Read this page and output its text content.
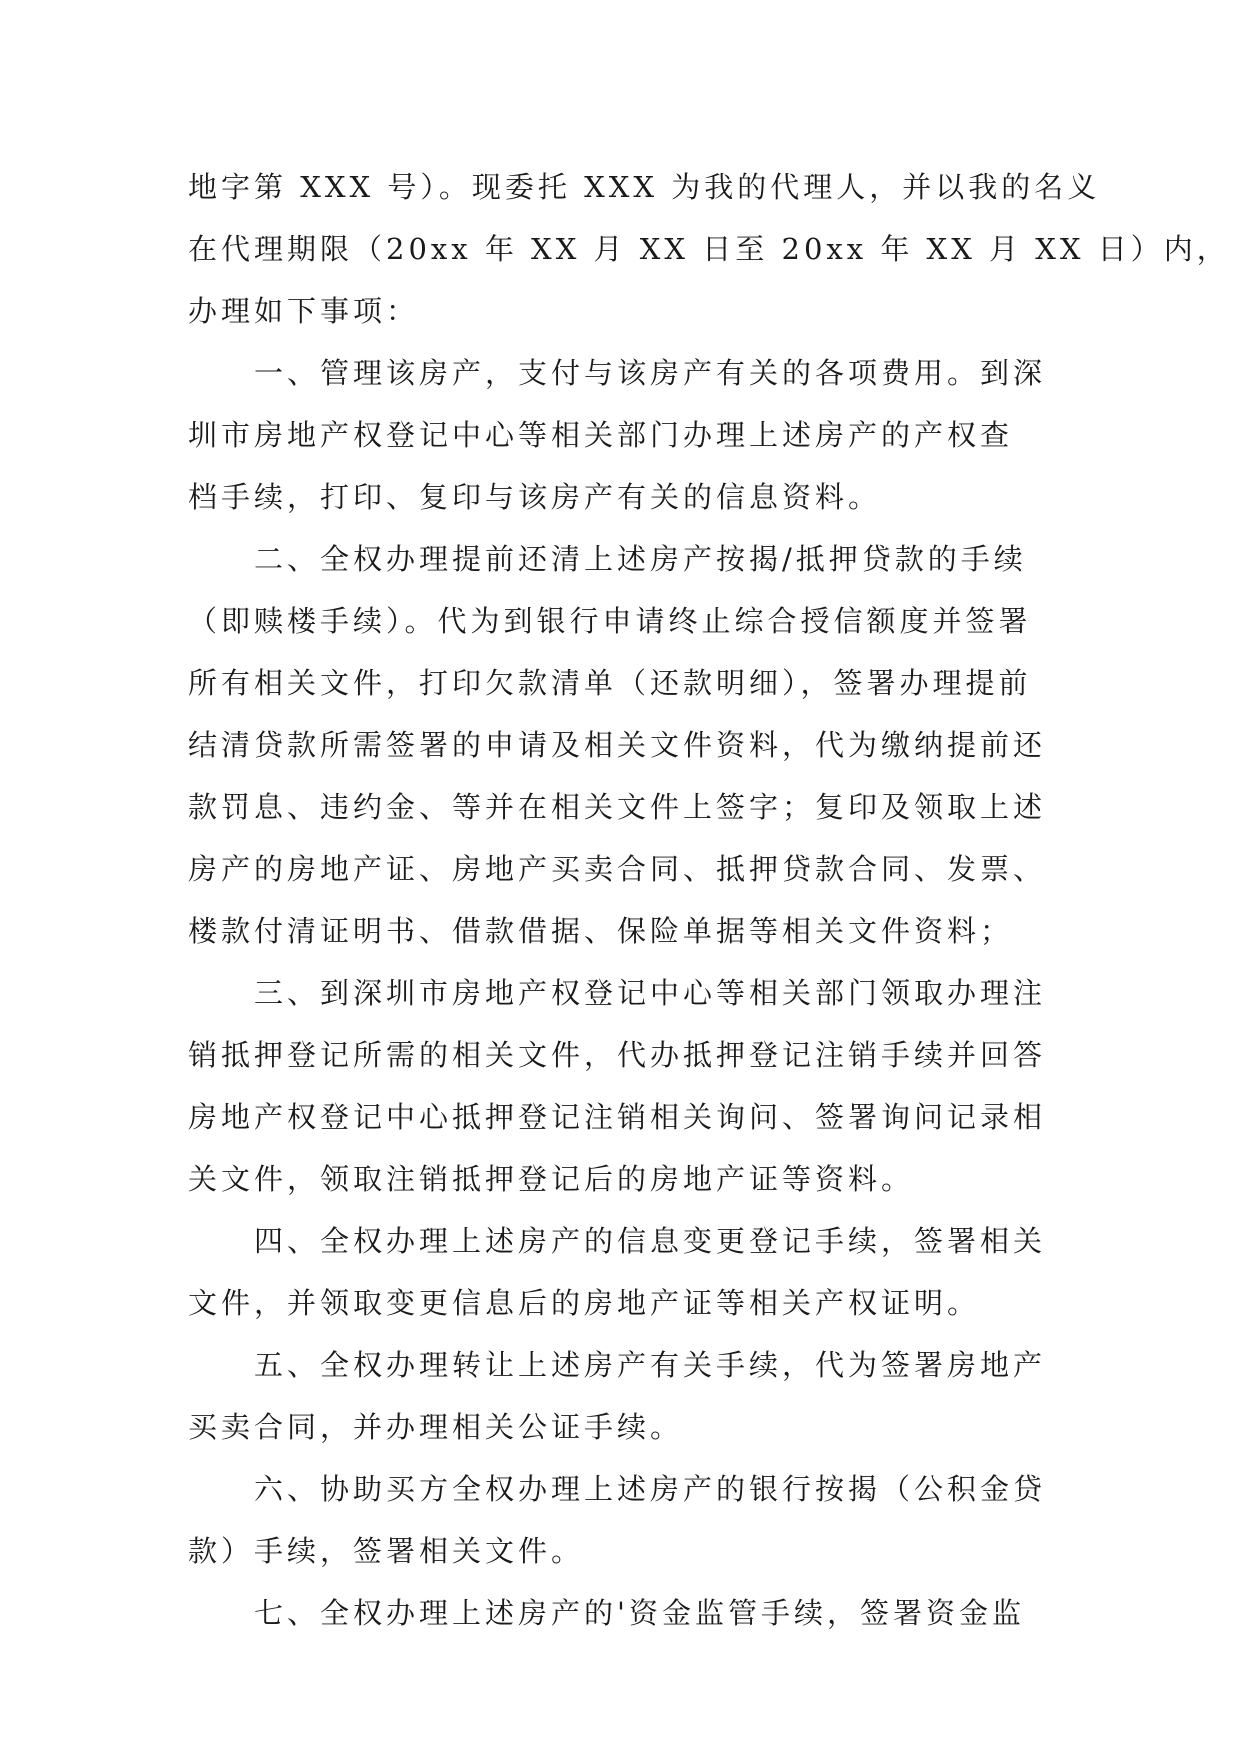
地字第 XXX 号）。现委托 XXX 为我的代理人，并以我的名义
在代理期限（20xx 年 XX 月 XX 日至 20xx 年 XX 月 XX 日）内，
办理如下事项：
一、管理该房产，支付与该房产有关的各项费用。到深
圳市房地产权登记中心等相关部门办理上述房产的产权查
档手续，打印、复印与该房产有关的信息资料。
二、全权办理提前还清上述房产按揭/抵押贷款的手续
（即赎楼手续）。代为到银行申请终止综合授信额度并签署
所有相关文件，打印欠款清单（还款明细），签署办理提前
结清贷款所需签署的申请及相关文件资料，代为缴纳提前还
款罚息、违约金、等并在相关文件上签字；复印及领取上述
房产的房地产证、房地产买卖合同、抵押贷款合同、发票、
楼款付清证明书、借款借据、保险单据等相关文件资料；
三、到深圳市房地产权登记中心等相关部门领取办理注
销抵押登记所需的相关文件，代办抵押登记注销手续并回答
房地产权登记中心抵押登记注销相关询问、签署询问记录相
关文件，领取注销抵押登记后的房地产证等资料。
四、全权办理上述房产的信息变更登记手续，签署相关
文件，并领取变更信息后的房地产证等相关产权证明。
五、全权办理转让上述房产有关手续，代为签署房地产
买卖合同，并办理相关公证手续。
六、协助买方全权办理上述房产的银行按揭（公积金贷
款）手续，签署相关文件。
七、全权办理上述房产的'资金监管手续，签署资金监
